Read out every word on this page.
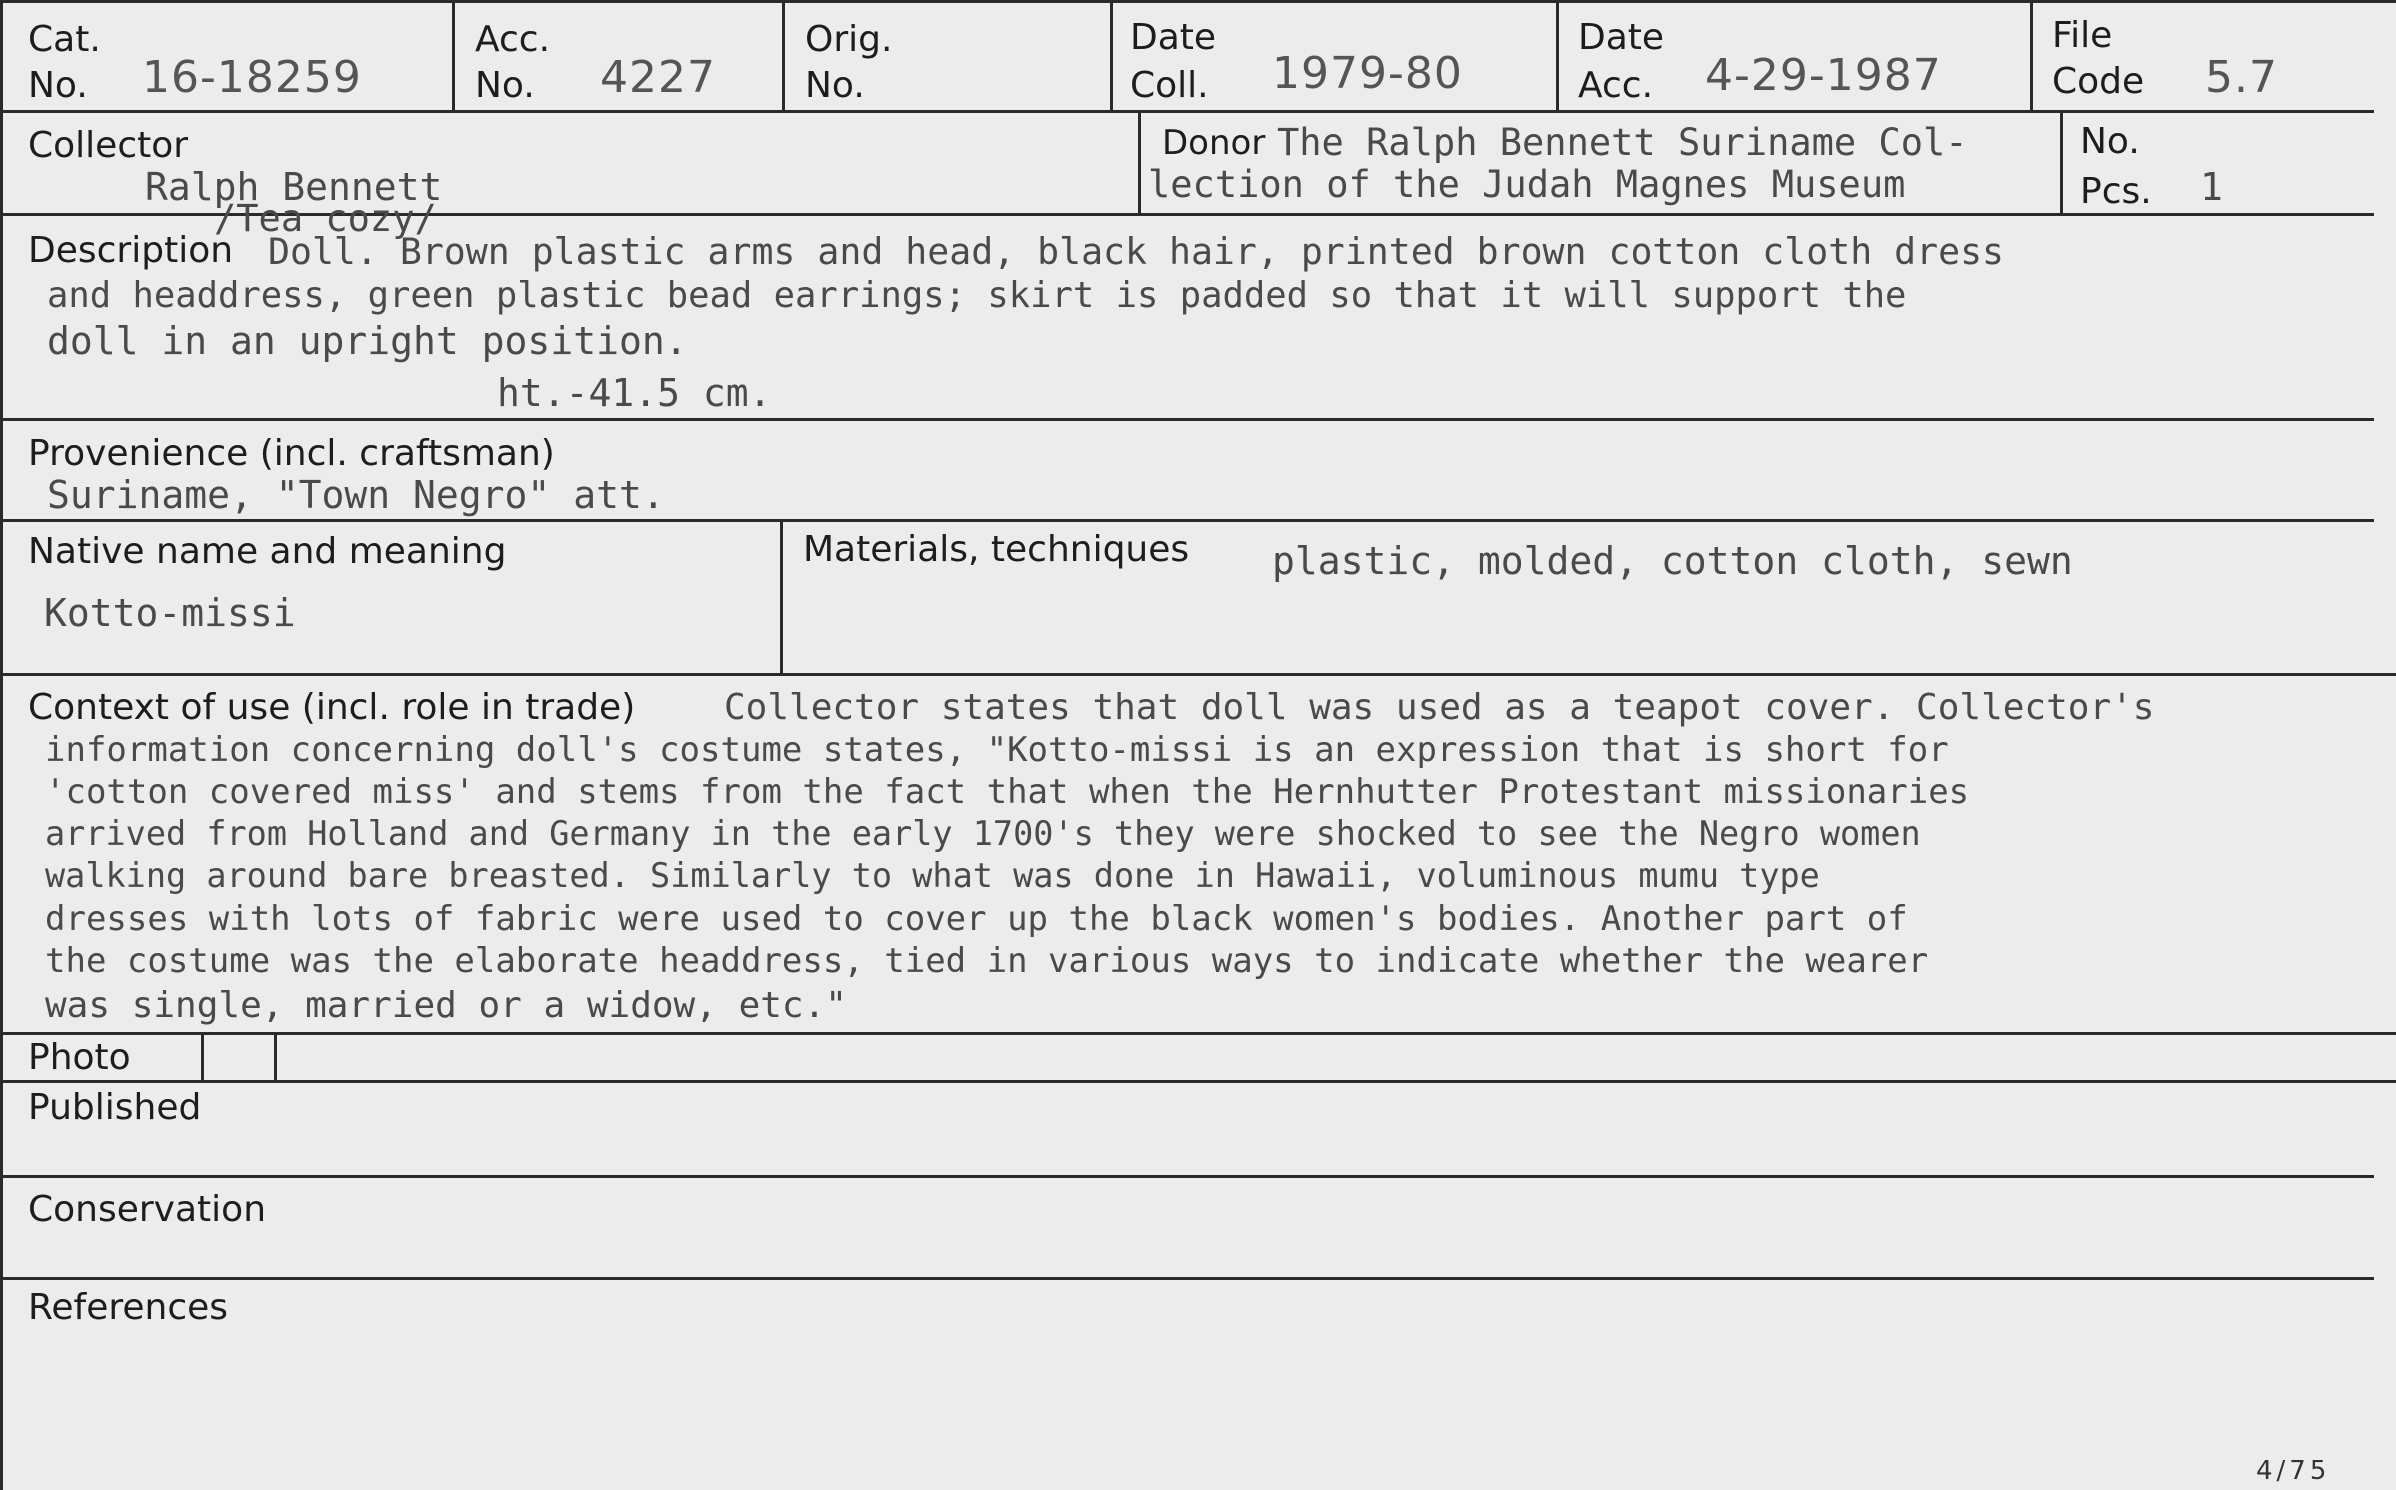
Cat.
No. 16-18259
Acc.
No. 4227
Orig.
No.
Date
Coll. 1979-80
Date
Acc. 4-29-1987
File
Code 5.7
Collector
Ralph Bennett
Donor The Ralph Bennett Suriname Col-
lection of the Judah Magnes Museum
No.
Pcs. 1
Description
/Tea cozy/
Doll. Brown plastic arms and head, black hair, printed brown cotton cloth dress
and headdress, green plastic bead earrings; skirt is padded so that it will support the
doll in an upright position.
ht.-41.5 cm.
Provenience (incl. craftsman)
Suriname, "Town Negro" att.
Native name and meaning
Kotto-missi
Materials, techniques plastic, molded, cotton cloth, sewn
Context of use (incl. role in trade) Collector states that doll was used as a teapot cover. Collector's
information concerning doll's costume states, "Kotto-missi is an expression that is short for
'cotton covered miss' and stems from the fact that when the Hernhutter Protestant missionaries
arrived from Holland and Germany in the early 1700's they were shocked to see the Negro women
walking around bare breasted. Similarly to what was done in Hawaii, voluminous mumu type
dresses with lots of fabric were used to cover up the black women's bodies. Another part of
the costume was the elaborate headdress, tied in various ways to indicate whether the wearer
was single, married or a widow, etc."
Photo
Published
Conservation
References
4/75
